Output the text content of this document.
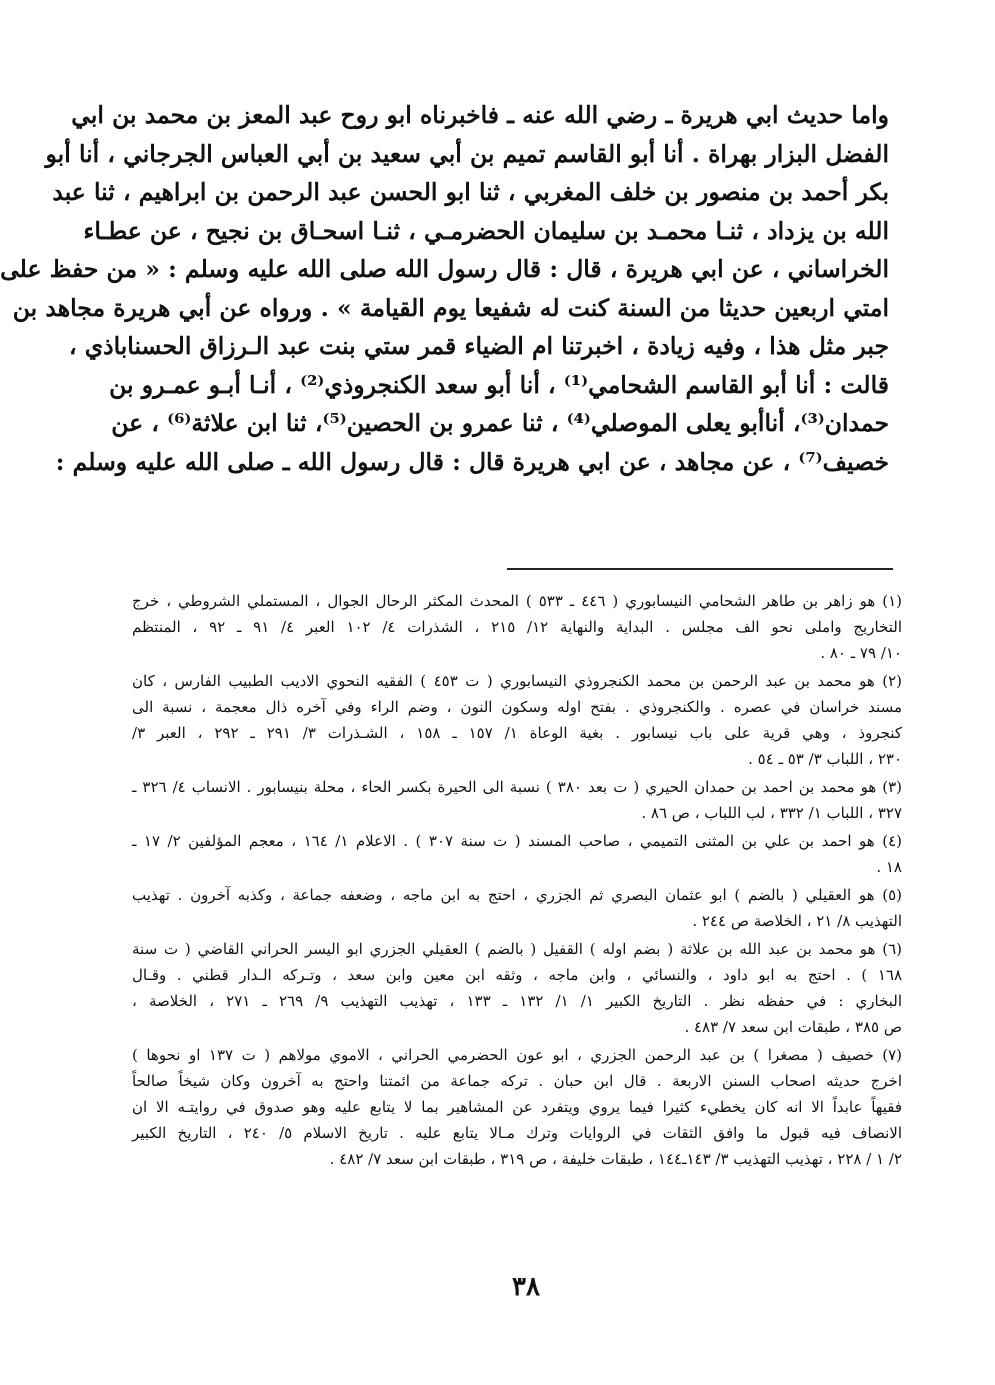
واما حديث ابي هريرة ـ رضي الله عنه ـ فاخبرناه ابو روح عبد المعز بن محمد بن ابي
الفضل البزار بهراة . أنا أبو القاسم تميم بن أبي سعيد بن أبي العباس الجرجاني ، أنا أبو
بكر أحمد بن منصور بن خلف المغربي ، ثنا ابو الحسن عبد الرحمن بن ابراهيم ، ثنا عبد
الله بن يزداد ، ثنـا محمـد بن سليمان الحضرمـي ، ثنـا اسحـاق بن نجيح ، عن عطـاء
الخراساني ، عن ابي هريرة ، قال : قال رسول الله صلى الله عليه وسلم : « من حفظ على
امتي اربعين حديثا من السنة كنت له شفيعا يوم القيامة » . ورواه عن أبي هريرة مجاهد بن
جبر مثل هذا ، وفيه زيادة ، اخبرتنا ام الضياء قمر ستي بنت عبد الـرزاق الحسناباذي ،
قالت : أنا أبو القاسم الشحامي⁽¹⁾ ، أنا أبو سعد الكنجروذي⁽²⁾ ، أنـا أبـو عمـرو بن
حمدان⁽³⁾، أناأبو يعلى الموصلي⁽⁴⁾ ، ثنا عمرو بن الحصين⁽⁵⁾، ثنا ابن علاثة⁽⁶⁾ ، عن
خصيف⁽⁷⁾ ، عن مجاهد ، عن ابي هريرة قال : قال رسول الله ـ صلى الله عليه وسلم :
(١) هو زاهر بن طاهر الشحامي النيسابوري ( ٤٤٦ ـ ٥٣٣ ) المحدث المكثر الرحال الجوال ، المستملي الشروطي ، خرج
التخاريج واملى نحو الف مجلس . البداية والنهاية ١٢/ ٢١٥ ، الشذرات ٤/ ١٠٢ العبر ٤/ ٩١ ـ ٩٢ ، المنتظم
١٠/ ٧٩ ـ ٨٠ .
(٢) هو محمد بن عبد الرحمن بن محمد الكنجروذي النيسابوري ( ت ٤٥٣ ) الفقيه النحوي الاديب الطبيب الفارس ، كان
مسند خراسان في عصره . والكنجروذي . بفتح اوله وسكون النون ، وضم الراء وفي آخره ذال معجمة ، نسبة الى
كنجروذ ، وهي قرية على باب نيسابور . بغية الوعاة ١/ ١٥٧ ـ ١٥٨ ، الشـذرات ٣/ ٢٩١ ـ ٢٩٢ ، العبر ٣/
٢٣٠ ، اللباب ٣/ ٥٣ ـ ٥٤ .
(٣) هو محمد بن احمد بن حمدان الحيري ( ت بعد ٣٨٠ ) نسبة الى الحيرة بكسر الحاء ، محلة بنيسابور . الانساب ٤/ ٣٢٦ ـ
٣٢٧ ، اللباب ١/ ٣٣٢ ، لب اللباب ، ص ٨٦ .
(٤) هو احمد بن علي بن المثنى التميمي ، صاحب المسند ( ت سنة ٣٠٧ ) . الاعلام ١/ ١٦٤ ، معجم المؤلفين ٢/ ١٧ ـ
١٨ .
(٥) هو العقيلي ( بالضم ) ابو عثمان البصري ثم الجزري ، احتج به ابن ماجه ، وضعفه جماعة ، وكذبه آخرون . تهذيب
التهذيب ٨/ ٢١ ، الخلاصة ص ٢٤٤ .
(٦) هو محمد بن عبد الله بن علاثة ( بضم اوله ) القفيل ( بالضم ) العقيلي الجزري ابو اليسر الحراني القاضي ( ت سنة
١٦٨ ) . احتج به ابو داود ، والنسائي ، وابن ماجه ، وثقه ابن معين وابن سعد ، وتـركه الـدار قطني . وقـال
البخاري : في حفظه نظر . التاريخ الكبير ١/ ١/ ١٣٢ ـ ١٣٣ ، تهذيب التهذيب ٩/ ٢٦٩ ـ ٢٧١ ، الخلاصة ،
ص ٣٨٥ ، طبقات ابن سعد ٧/ ٤٨٣ .
(٧) خصيف ( مصغرا ) بن عبد الرحمن الجزري ، ابو عون الحضرمي الحراني ، الاموي مولاهم ( ت ١٣٧ او نحوها )
اخرج حديثه اصحاب السنن الاربعة . قال ابن حبان . تركه جماعة من ائمتنا واحتج به آخرون وكان شيخاً صالحاً
فقيهاً عابداً الا انه كان يخطيء كثيرا فيما يروي ويتفرد عن المشاهير بما لا يتابع عليه وهو صدوق في روايتـه الا ان
الانصاف فيه قبول ما وافق الثقات في الروايات وترك مـالا يتابع عليه . تاريخ الاسلام ٥/ ٢٤٠ ، التاريخ الكبير
٢/ ١ / ٢٢٨ ، تهذيب التهذيب ٣/ ١٤٣ـ١٤٤ ، طبقات خليفة ، ص ٣١٩ ، طبقات ابن سعد ٧/ ٤٨٢ .
٣٨
